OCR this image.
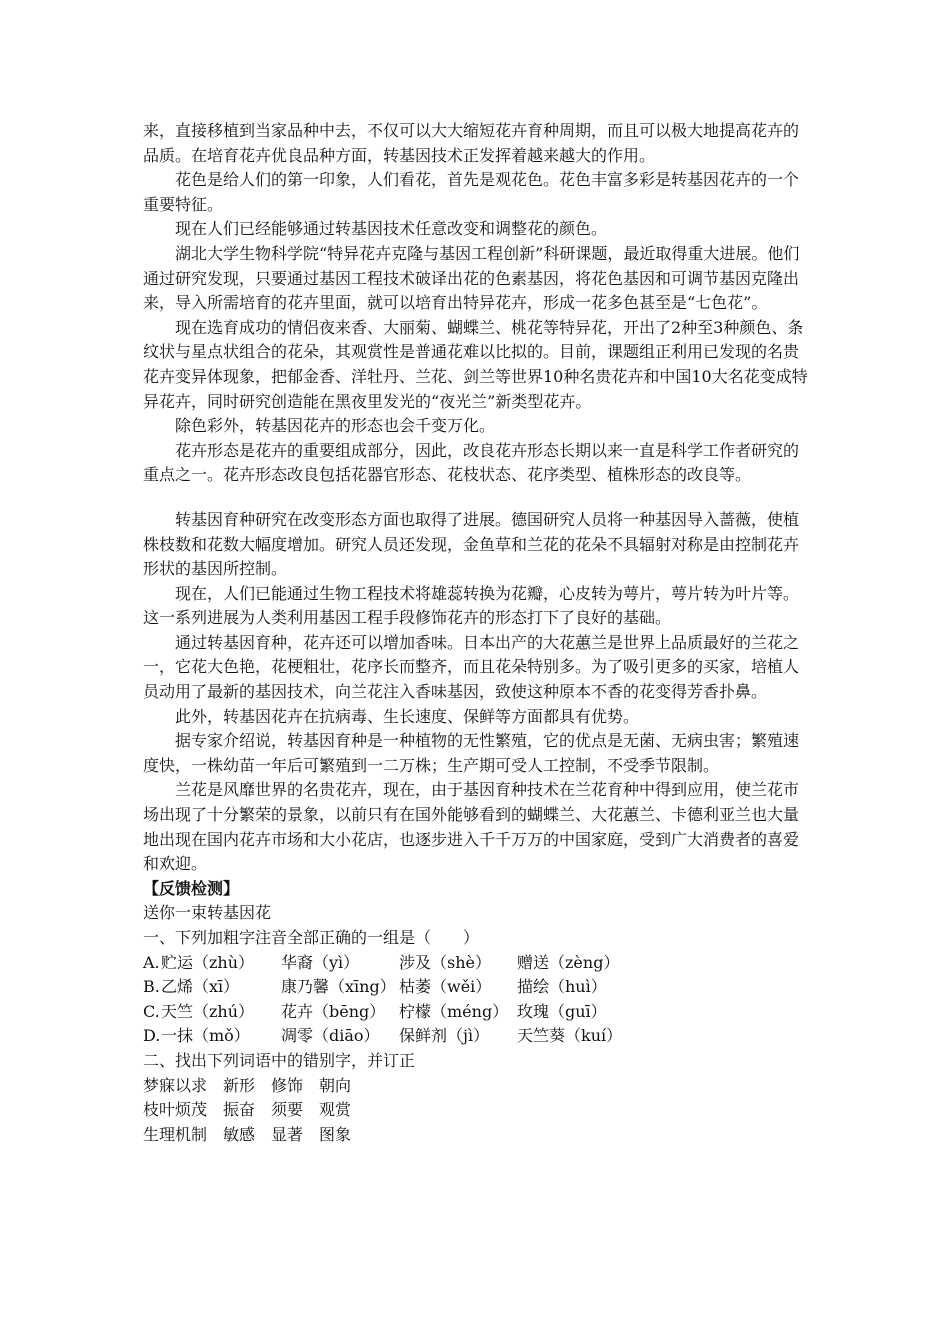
来，直接移植到当家品种中去，不仅可以大大缩短花卉育种周期，而且可以极大地提高花卉的品质。在培育花卉优良品种方面，转基因技术正发挥着越来越大的作用。

花色是给人们的第一印象，人们看花，首先是观花色。花色丰富多彩是转基因花卉的一个重要特征。

现在人们已经能够通过转基因技术任意改变和调整花的颜色。

湖北大学生物科学院“特异花卉克隆与基因工程创新”科研课题，最近取得重大进展。他们通过研究发现，只要通过基因工程技术破译出花的色素基因，将花色基因和可调节基因克隆出来，导入所需培育的花卉里面，就可以培育出特异花卉，形成一花多色甚至是“七色花”。

现在选育成功的情侣夜来香、大丽菊、蝴蝶兰、桃花等特异花，开出了2种至3种颜色、条纹状与星点状组合的花朵，其观赏性是普通花难以比拟的。目前，课题组正利用已发现的名贵花卉变异体现象，把郁金香、洋牡丹、兰花、剑兰等世界10种名贵花卉和中国10大名花变成特异花卉，同时研究创造能在黑夜里发光的“夜光兰”新类型花卉。

除色彩外，转基因花卉的形态也会千变万化。

花卉形态是花卉的重要组成部分，因此，改良花卉形态长期以来一直是科学工作者研究的重点之一。花卉形态改良包括花器官形态、花枝状态、花序类型、植株形态的改良等。

转基因育种研究在改变形态方面也取得了进展。德国研究人员将一种基因导入蔷薇，使植株枝数和花数大幅度增加。研究人员还发现，金鱼草和兰花的花朵不具辐射对称是由控制花卉形状的基因所控制。

现在，人们已能通过生物工程技术将雄蕊转换为花瓣，心皮转为萼片，萼片转为叶片等。这一系列进展为人类利用基因工程手段修饰花卉的形态打下了良好的基础。

通过转基因育种，花卉还可以增加香味。日本出产的大花蕙兰是世界上品质最好的兰花之一，它花大色艳，花梗粗壮，花序长而整齐，而且花朵特别多。为了吸引更多的买家，培植人员动用了最新的基因技术，向兰花注入香味基因，致使这种原本不香的花变得芳香扑鼻。

此外，转基因花卉在抗病毒、生长速度、保鲜等方面都具有优势。

据专家介绍说，转基因育种是一种植物的无性繁殖，它的优点是无菌、无病虫害；繁殖速度快，一株幼苗一年后可繁殖到一二万株；生产期可受人工控制，不受季节限制。

兰花是风靡世界的名贵花卉，现在，由于基因育种技术在兰花育种中得到应用，使兰花市场出现了十分繁荣的景象，以前只有在国外能够看到的蝴蝶兰、大花蕙兰、卡德利亚兰也大量地出现在国内花卉市场和大小花店，也逐步进入千千万万的中国家庭，受到广大消费者的喜爱和欢迎。

【反馈检测】

送你一束转基因花

一、下列加粗字注音全部正确的一组是（　　）

A. 贮运（zhù）	华裔（yì）	涉及（shè）	赠送（zèng）
B. 乙烯（xī）	康乃馨（xīng） 枯萎（wěi）	描绘（huì）
C. 天竺（zhú）	花卉（bēng） 柠檬（méng） 玫瑰（guī）
D. 一抹（mǒ）	凋零（diāo）	保鲜剂（jì）	天竺葵（kuí）

二、找出下列词语中的错别字，并订正

梦寐以求 新形 修饰 朝向
枝叶烦茂 振奋 须要 观赏
生理机制 敏感 显著 图象
